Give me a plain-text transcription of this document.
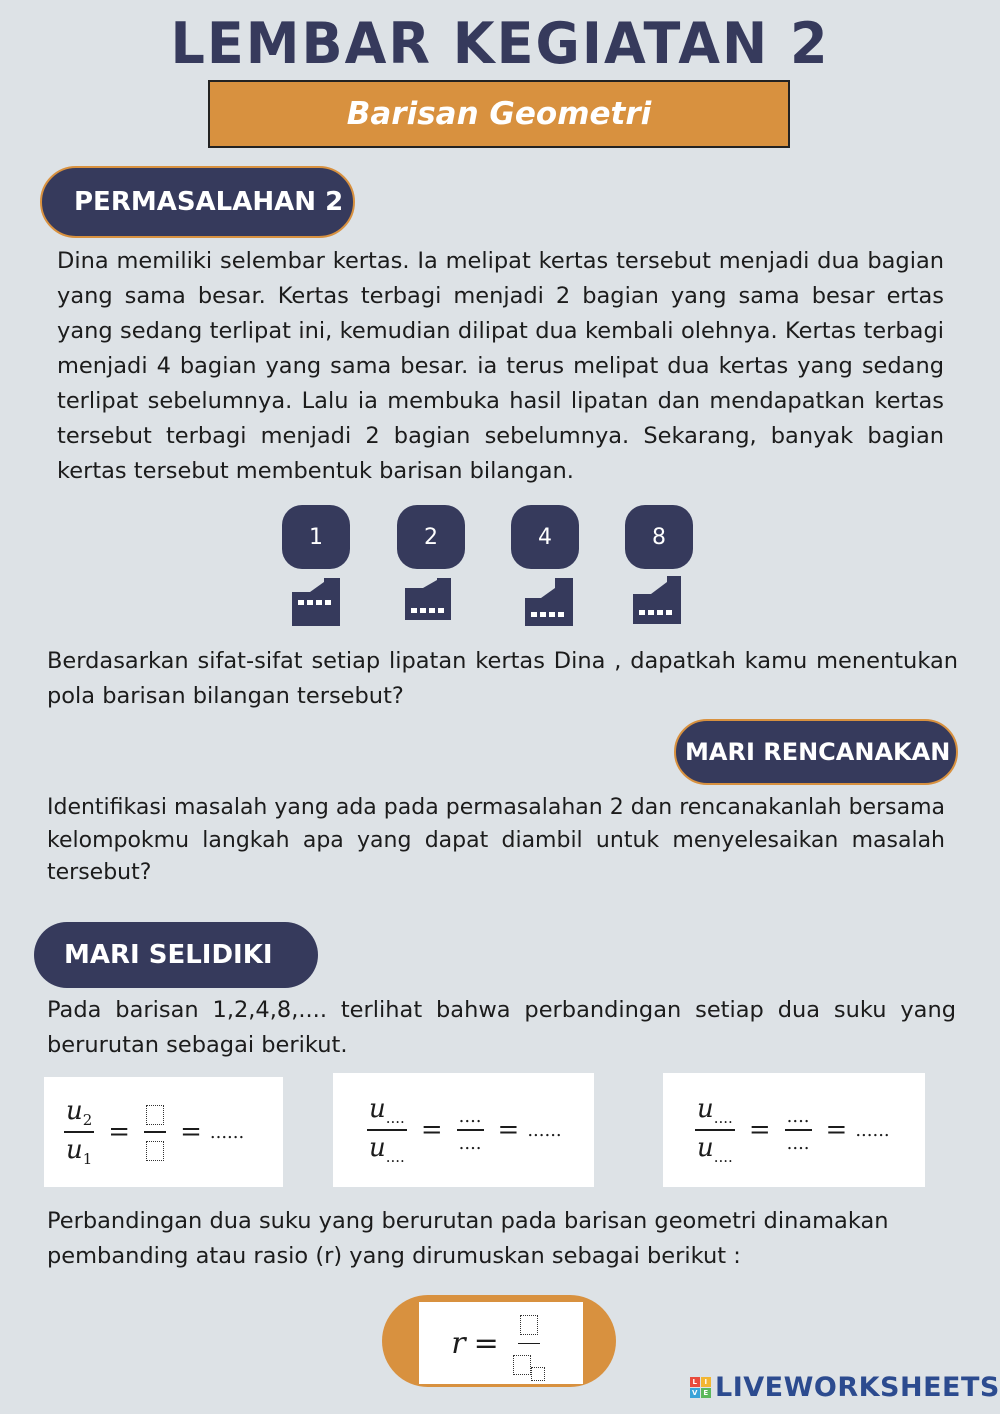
LEMBAR KEGIATAN 2
Barisan Geometri
PERMASALAHAN 2
Dina memiliki selembar kertas. Ia melipat kertas tersebut menjadi dua bagian yang sama besar. Kertas terbagi menjadi 2 bagian yang sama besar ertas yang sedang terlipat ini, kemudian dilipat dua kembali olehnya. Kertas terbagi menjadi 4 bagian yang sama besar. ia terus melipat dua kertas yang sedang terlipat sebelumnya. Lalu ia membuka hasil lipatan dan mendapatkan kertas tersebut terbagi menjadi 2 bagian sebelumnya. Sekarang, banyak bagian kertas tersebut membentuk barisan bilangan.
1	2	4	8
Berdasarkan sifat-sifat setiap lipatan kertas Dina , dapatkah kamu menentukan pola barisan bilangan tersebut?
MARI RENCANAKAN
Identifikasi masalah yang ada pada permasalahan 2 dan rencanakanlah bersama kelompokmu langkah apa yang dapat diambil untuk menyelesaikan masalah tersebut?
MARI SELIDIKI
Pada barisan 1,2,4,8,.... terlihat bahwa perbandingan setiap dua suku yang berurutan sebagai berikut.
$\frac{u_2}{u_1}$ = = ......	$\frac{u_{....}}{u_{....}} = \frac{....}{....}$ = ......	$\frac{u_{....}}{u_{....}} = \frac{....}{....}$ = ......
Perbandingan dua suku yang berurutan pada barisan geometri dinamakan pembanding atau rasio (r) yang dirumuskan sebagai berikut :
r =
L I
V E LIVEWORKSHEETS
